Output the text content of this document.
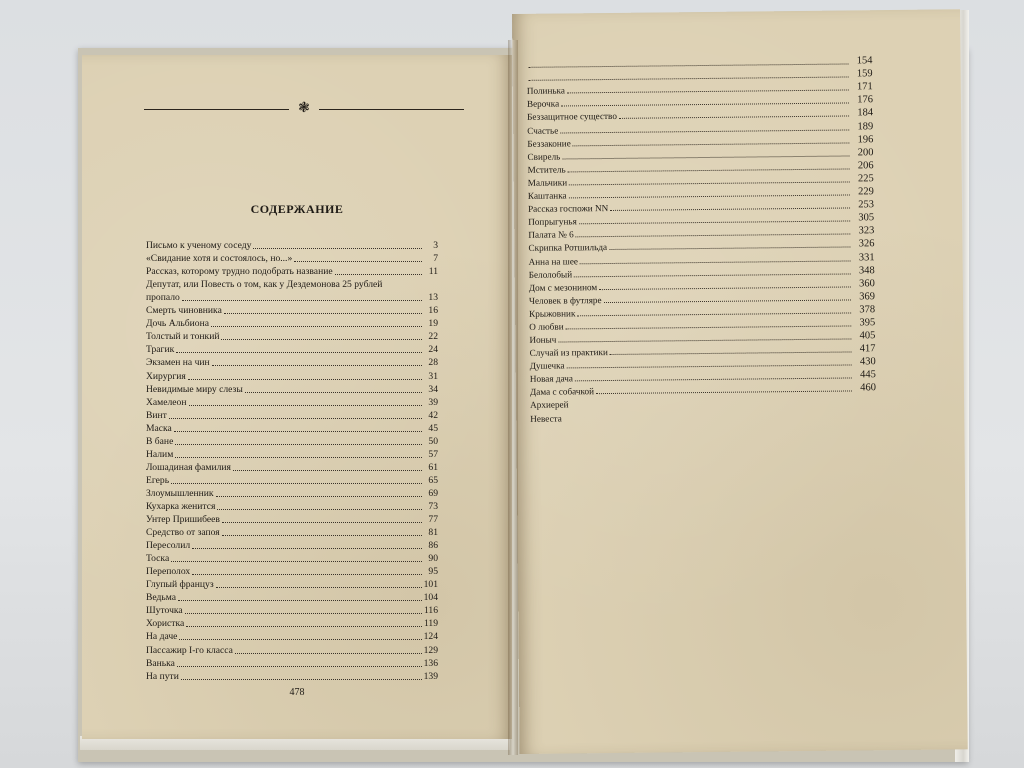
❃
СОДЕРЖАНИЕ
Письмо к ученому соседу	3
«Свидание хотя и состоялось, но...»	7
Рассказ, которому трудно подобрать название	11
Депутат, или Повесть о том, как у Дездемонова 25 рублей
пропало	13
Смерть чиновника	16
Дочь Альбиона	19
Толстый и тонкий	22
Трагик	24
Экзамен на чин	28
Хирургия	31
Невидимые миру слезы	34
Хамелеон	39
Винт	42
Маска	45
В бане	50
Налим	57
Лошадиная фамилия	61
Егерь	65
Злоумышленник	69
Кухарка женится	73
Унтер Пришибеев	77
Средство от запоя	81
Пересолил	86
Тоска	90
Переполох	95
Глупый француз	101
Ведьма	104
Шуточка	116
Хористка	119
На даче	124
Пассажир I-го класса	129
Ванька	136
На пути	139
478
154
159
Полинька	171
Верочка	176
Беззащитное существо	184
Счастье	189
Беззаконие	196
Свирель	200
Мститель	206
Мальчики	225
Каштанка	229
Рассказ госпожи NN	253
Попрыгунья	305
Палата № 6	323
Скрипка Ротшильда	326
Анна на шее	331
Белолобый	348
Дом с мезонином	360
Человек в футляре	369
Крыжовник	378
О любви	395
Ионыч	405
Случай из практики	417
Душечка	430
Новая дача	445
Дама с собачкой	460
Архиерей
Невеста
